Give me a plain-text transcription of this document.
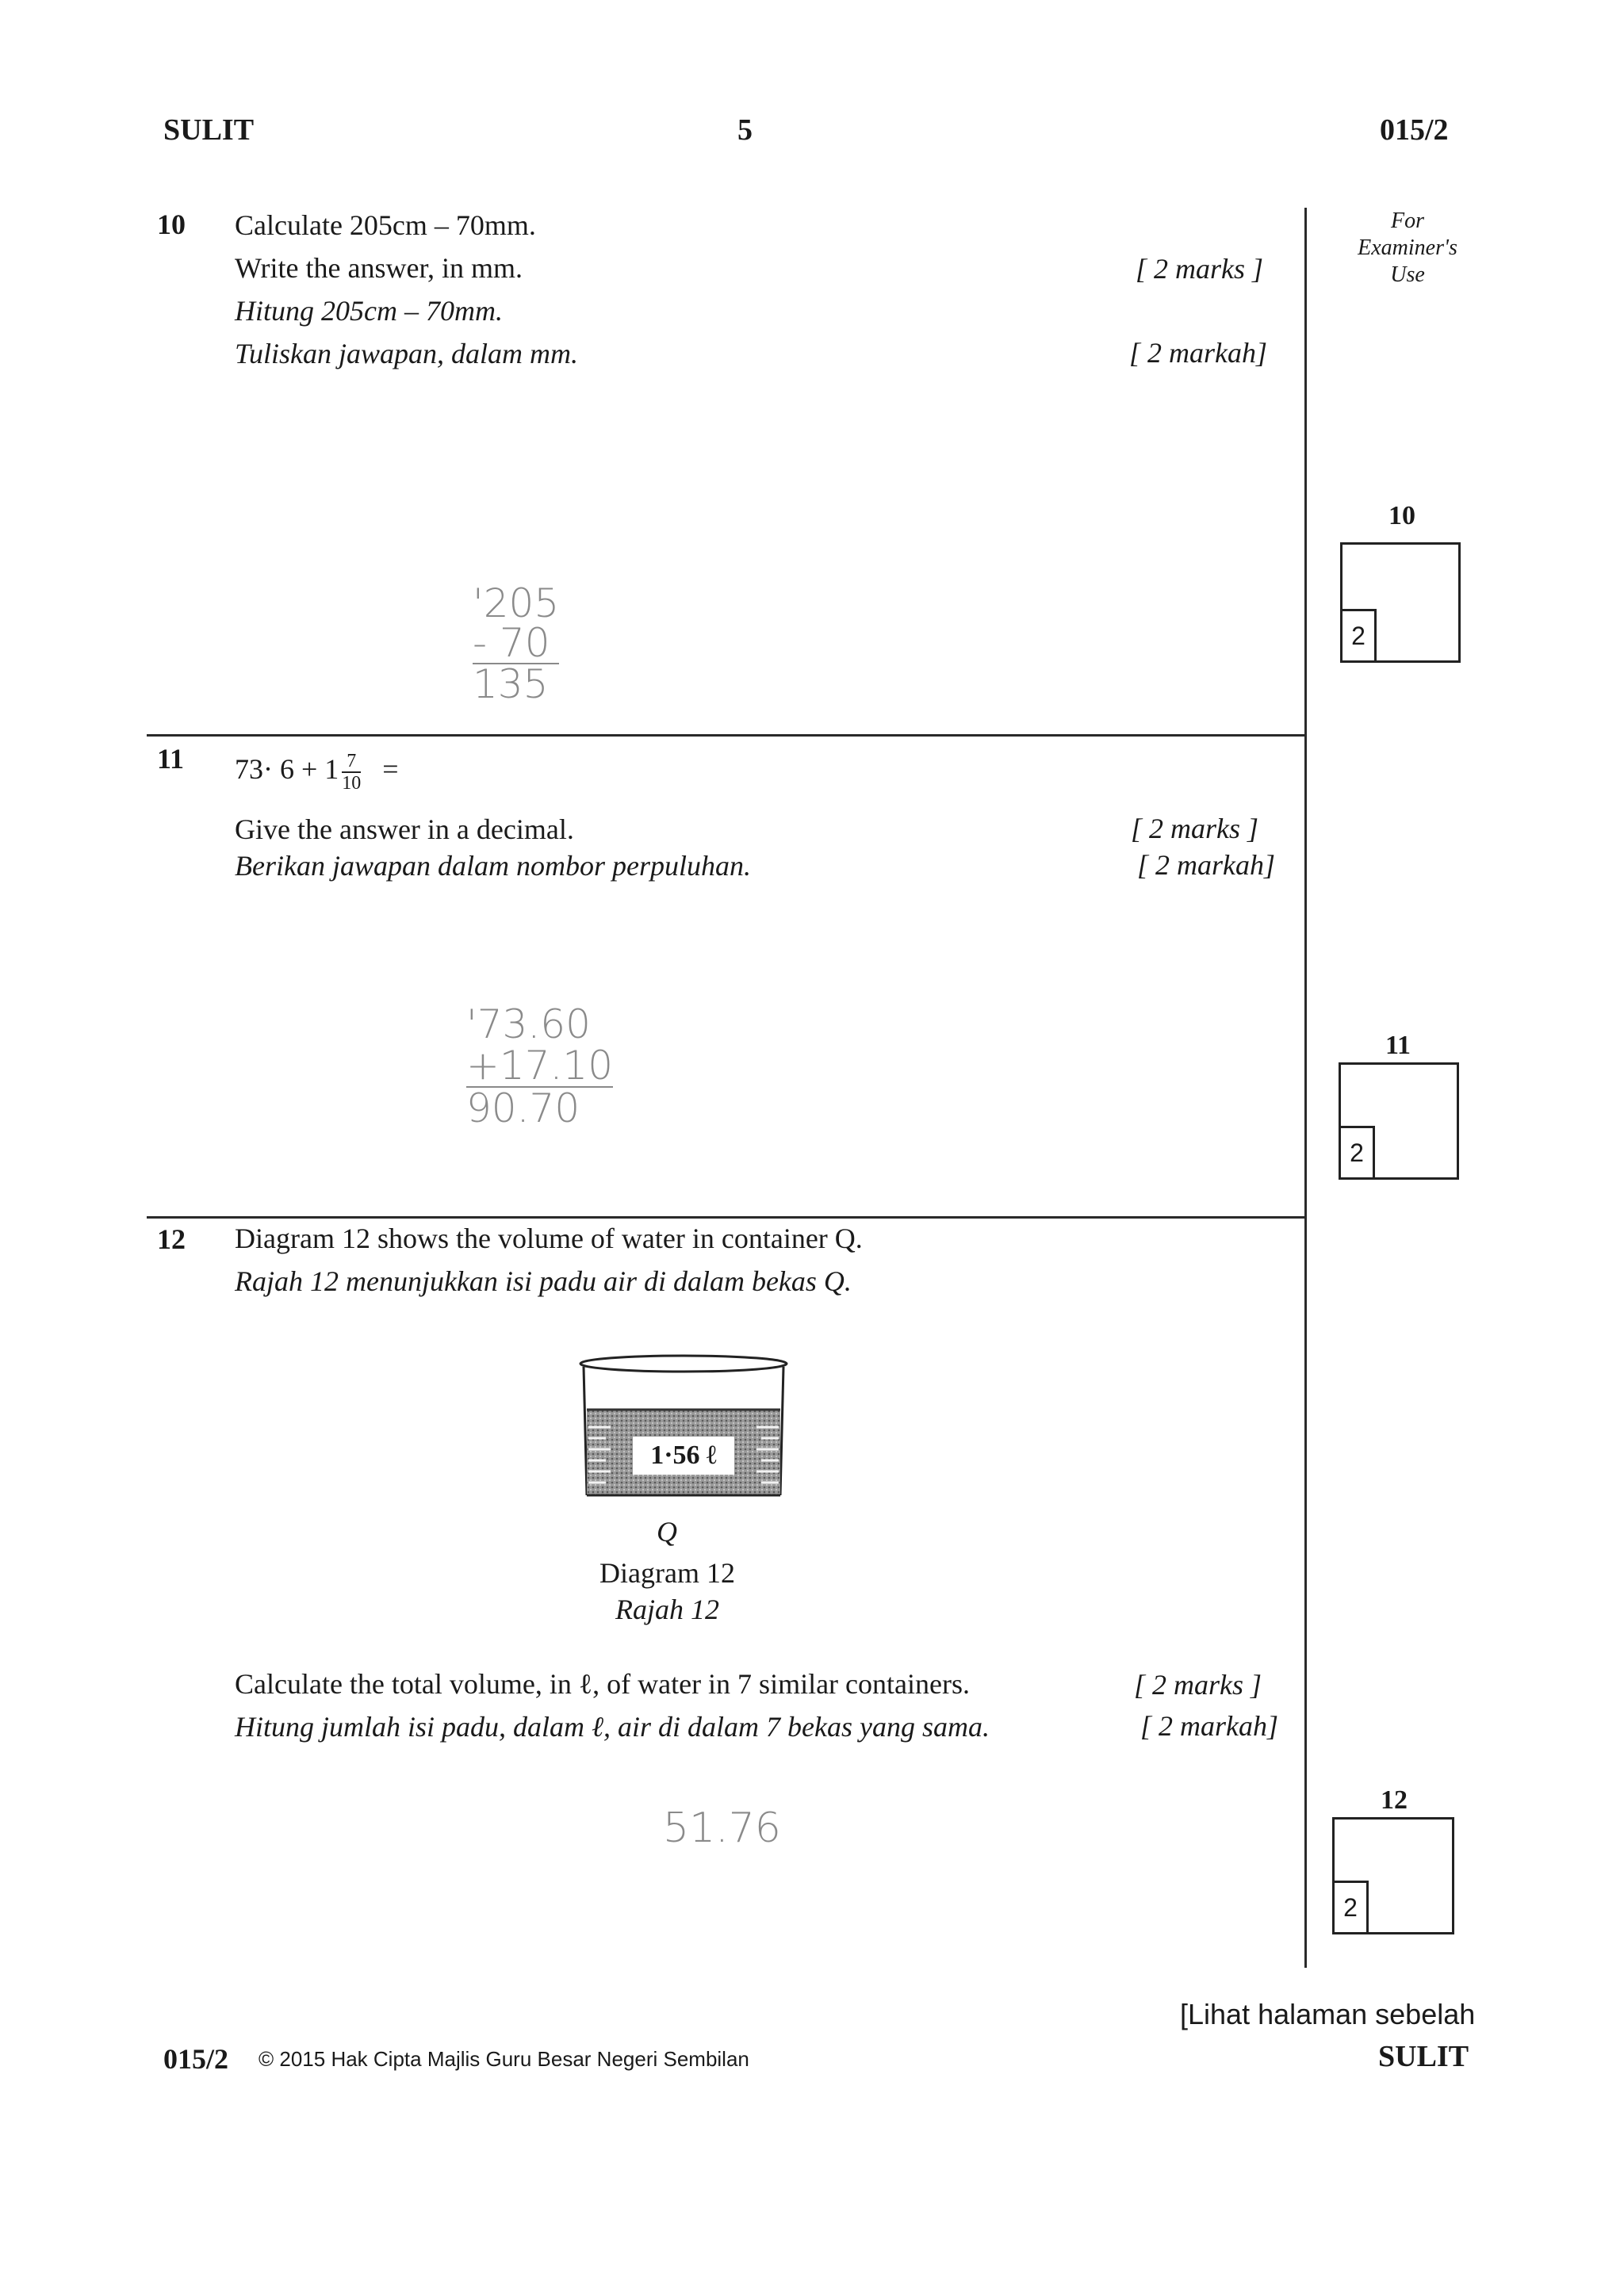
SULIT	5	015/2
For
Examiner's
Use
10 Calculate 205cm – 70mm.
Write the answer, in mm.
Hitung 205cm – 70mm.
Tuliskan jawapan, dalam mm.
[ 2 marks ]
[ 2 markah]
'205
- 70
135
10
2
11 $73\cdot 6 + 1 \frac{7}{10}$ =
Give the answer in a decimal.
Berikan jawapan dalam nombor perpuluhan.
[ 2 marks ]
[ 2 markah]
'73.60
+17.10
90.70
11
2
12 Diagram 12 shows the volume of water in container Q.
Rajah 12 menunjukkan isi padu air di dalam bekas Q.
1·56 ℓ
Q
Diagram 12
Rajah 12
Calculate the total volume, in ℓ, of water in 7 similar containers.
Hitung jumlah isi padu, dalam ℓ, air di dalam 7 bekas yang sama.
[ 2 marks ]
[ 2 markah]
51.76
12
2
015/2 © 2015 Hak Cipta Majlis Guru Besar Negeri Sembilan
[Lihat halaman sebelah
SULIT
